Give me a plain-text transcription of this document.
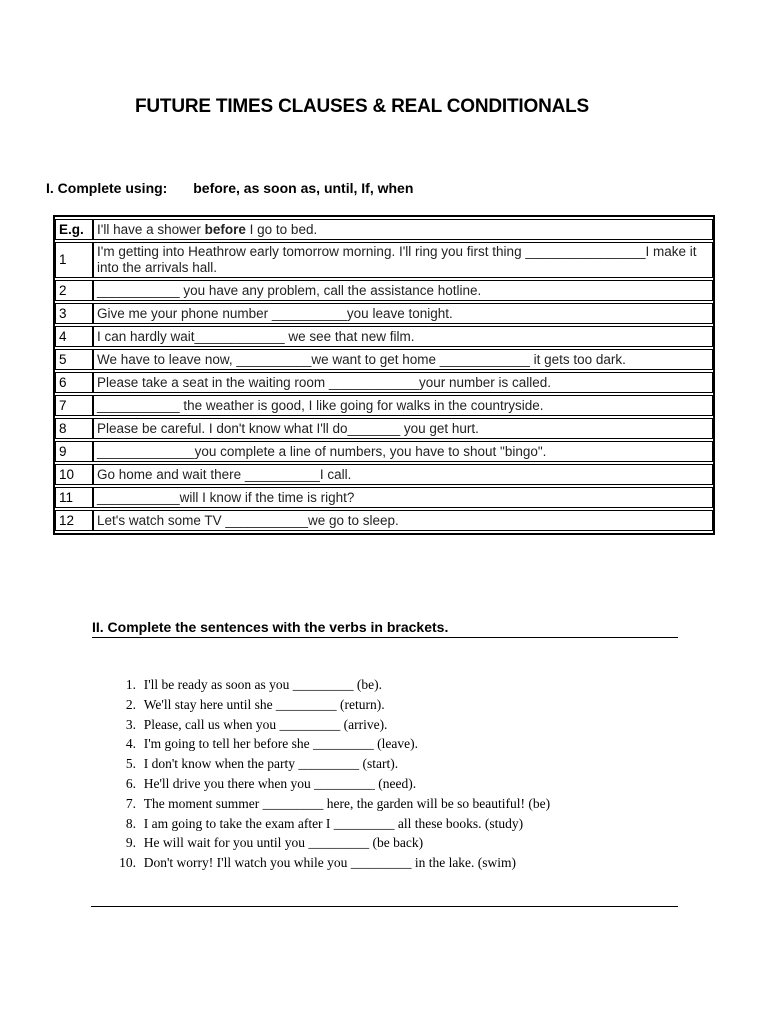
FUTURE TIMES CLAUSES & REAL CONDITIONALS
I. Complete using: before, as soon as, until, If, when
E.g.	I'll have a shower before I go to bed.
1	I'm getting into Heathrow early tomorrow morning. I'll ring you first thing ________________I make it into the arrivals hall.
2	___________ you have any problem, call the assistance hotline.
3	Give me your phone number __________you leave tonight.
4	I can hardly wait____________ we see that new film.
5	We have to leave now, __________we want to get home ____________ it gets too dark.
6	Please take a seat in the waiting room ____________your number is called.
7	___________ the weather is good, I like going for walks in the countryside.
8	Please be careful. I don't know what I'll do_______ you get hurt.
9	_____________you complete a line of numbers, you have to shout "bingo".
10	Go home and wait there __________I call.
11	___________will I know if the time is right?
12	Let's watch some TV ___________we go to sleep.
II. Complete the sentences with the verbs in brackets.
1.
I'll be ready as soon as you _________ (be).
2.
We'll stay here until she _________ (return).
3.
Please, call us when you _________ (arrive).
4.
I'm going to tell her before she _________ (leave).
5.
I don't know when the party _________ (start).
6.
He'll drive you there when you _________ (need).
7.
The moment summer _________ here, the garden will be so beautiful! (be)
8.
I am going to take the exam after I _________ all these books. (study)
9.
He will wait for you until you _________ (be back)
10.
Don't worry! I'll watch you while you _________ in the lake. (swim)
